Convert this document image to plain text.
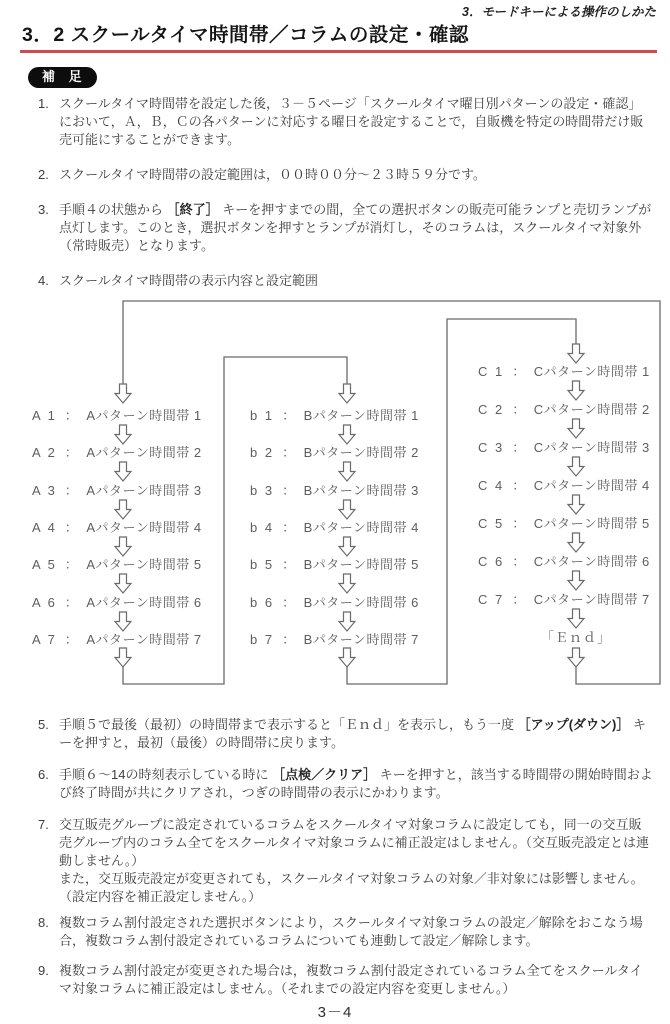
3．モードキーによる操作のしかた
3．2 スクールタイマ時間帯／コラムの設定・確認
補 足
1. スクールタイマ時間帯を設定した後，３－５ページ「スクールタイマ曜日別パターンの設定・確認」において，Ａ，Ｂ，Ｃの各パターンに対応する曜日を設定することで，自販機を特定の時間帯だけ販売可能にすることができます。
2. スクールタイマ時間帯の設定範囲は，００時００分～２３時５９分です。
3. 手順４の状態から ［終了］ キーを押すまでの間，全ての選択ボタンの販売可能ランプと売切ランプが点灯します。このとき，選択ボタンを押すとランプが消灯し，そのコラムは，スクールタイマ対象外（常時販売）となります。
4. スクールタイマ時間帯の表示内容と設定範囲
A 1 ： Aパターン時間帯 1
A 2 ： Aパターン時間帯 2
A 3 ： Aパターン時間帯 3
A 4 ： Aパターン時間帯 4
A 5 ： Aパターン時間帯 5
A 6 ： Aパターン時間帯 6
A 7 ： Aパターン時間帯 7
b 1 ： Bパターン時間帯 1
b 2 ： Bパターン時間帯 2
b 3 ： Bパターン時間帯 3
b 4 ： Bパターン時間帯 4
b 5 ： Bパターン時間帯 5
b 6 ： Bパターン時間帯 6
b 7 ： Bパターン時間帯 7
C 1 ： Cパターン時間帯 1
C 2 ： Cパターン時間帯 2
C 3 ： Cパターン時間帯 3
C 4 ： Cパターン時間帯 4
C 5 ： Cパターン時間帯 5
C 6 ： Cパターン時間帯 6
C 7 ： Cパターン時間帯 7
「Ｅｎｄ」
5. 手順５で最後（最初）の時間帯まで表示すると「Ｅｎｄ」を表示し，もう一度 ［アップ(ダウン)］ キーを押すと，最初（最後）の時間帯に戻ります。
6. 手順６～14の時刻表示している時に ［点検／クリア］ キーを押すと，該当する時間帯の開始時間および終了時間が共にクリアされ，つぎの時間帯の表示にかわります。
7. 交互販売グループに設定されているコラムをスクールタイマ対象コラムに設定しても，同一の交互販売グループ内のコラム全てをスクールタイマ対象コラムに補正設定はしません。（交互販売設定とは連動しません。）
また，交互販売設定が変更されても，スクールタイマ対象コラムの対象／非対象には影響しません。（設定内容を補正設定しません。）
8. 複数コラム割付設定された選択ボタンにより，スクールタイマ対象コラムの設定／解除をおこなう場合，複数コラム割付設定されているコラムについても連動して設定／解除します。
9. 複数コラム割付設定が変更された場合は，複数コラム割付設定されているコラム全てをスクールタイマ対象コラムに補正設定はしません。（それまでの設定内容を変更しません。）
3－4
